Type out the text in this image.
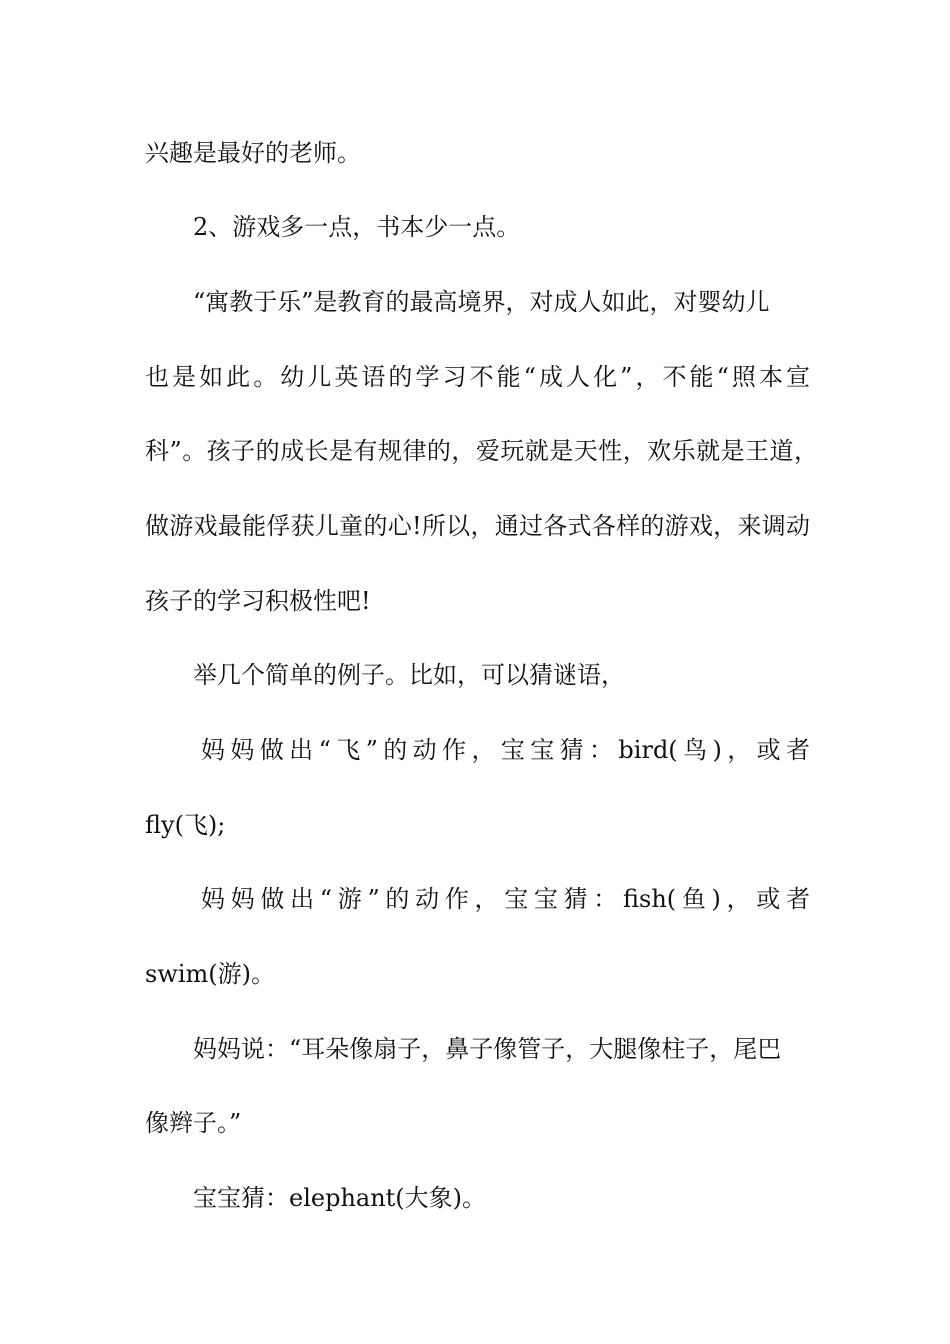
兴趣是最好的老师。
2、游戏多一点，书本少一点。
“寓教于乐”是教育的最高境界，对成人如此，对婴幼儿
也是如此。幼儿英语的学习不能“成人化”，不能“照本宣
科”。孩子的成长是有规律的，爱玩就是天性，欢乐就是王道，
做游戏最能俘获儿童的心!所以，通过各式各样的游戏，来调动
孩子的学习积极性吧!
举几个简单的例子。比如，可以猜谜语，
妈妈做出“飞”的动作，宝宝猜：bird(鸟)，或者
fly(飞);
妈妈做出“游”的动作，宝宝猜：fish(鱼)，或者
swim(游)。
妈妈说：“耳朵像扇子，鼻子像管子，大腿像柱子，尾巴
像辫子。”
宝宝猜：elephant(大象)。
